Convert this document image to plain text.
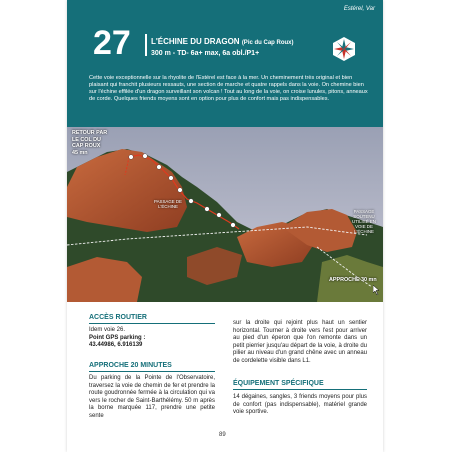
Estérel, Var
27	L'ÉCHINE DU DRAGON (Pic du Cap Roux)
300 m - TD- 6a+ max, 6a obl./P1+

Cette voie exceptionnelle sur la rhyolite de l'Estérel est face à la mer. Un cheminement très original et bien plaisant qui franchit plusieurs ressauts, une section de marche et quatre rappels dans la voie. On chemine bien sur l'échine effilée d'un dragon surveillant son volcan ! Tout au long de la voie, on croise lunules, pitons, anneaux de corde. Quelques friends moyens sont en option pour plus de confort mais pas indispensables.

RETOUR PAR
LE COL DU
CAP ROUX
45 mn
PASSAGE DE L'ÉCHINE
PASSAGE SOUTENU UTILISÉ EN VOIE DE L'ÉCHINE
APPROCHE 30 mn
ACCÈS ROUTIER
Idem voie 26.
Point GPS parking :
43.44986, 6.916139
APPROCHE 20 MINUTES
Du parking de la Pointe de l'Observatoire, traversez la voie de chemin de fer et prendre la route goudronnée fermée à la circulation qui va vers le rocher de Saint-Barthélémy. 50 m après la borne marquée 117, prendre une petite sente
sur la droite qui rejoint plus haut un sentier horizontal. Tourner à droite vers l'est pour arriver au pied d'un éperon que l'on remonte dans un petit pierrier jusqu'au départ de la voie, à droite du pilier au niveau d'un grand chêne avec un anneau de cordelette visible dans L1.
ÉQUIPEMENT SPÉCIFIQUE
14 dégaines, sangles, 3 friends moyens pour plus de confort (pas indispensable), matériel grande voie sportive.
89
